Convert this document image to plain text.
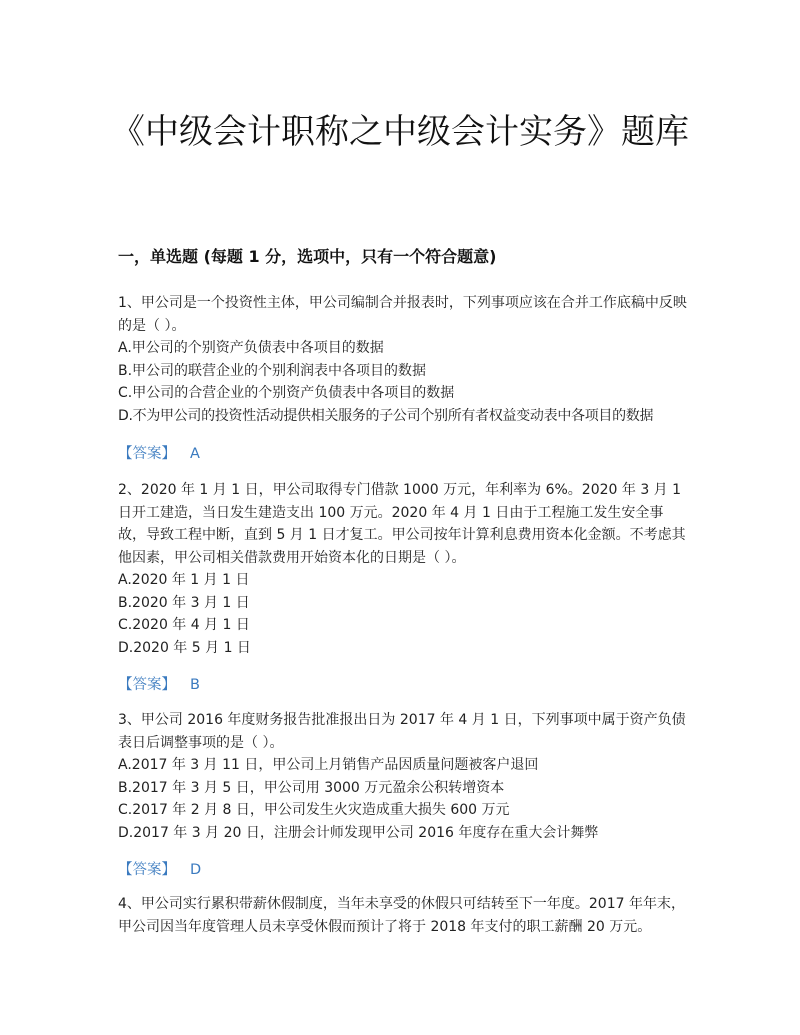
《中级会计职称之中级会计实务》题库
一，单选题 (每题 1 分，选项中，只有一个符合题意)
1、甲公司是一个投资性主体，甲公司编制合并报表时，下列事项应该在合并工作底稿中反映的是（ ）。
A.甲公司的个别资产负债表中各项目的数据
B.甲公司的联营企业的个别利润表中各项目的数据
C.甲公司的合营企业的个别资产负债表中各项目的数据
D.不为甲公司的投资性活动提供相关服务的子公司个别所有者权益变动表中各项目的数据
【答案】 A
2、2020 年 1 月 1 日，甲公司取得专门借款 1000 万元，年利率为 6%。2020 年 3 月 1 日开工建造，当日发生建造支出 100 万元。2020 年 4 月 1 日由于工程施工发生安全事故，导致工程中断，直到 5 月 1 日才复工。甲公司按年计算利息费用资本化金额。不考虑其他因素，甲公司相关借款费用开始资本化的日期是（ ）。
A.2020 年 1 月 1 日
B.2020 年 3 月 1 日
C.2020 年 4 月 1 日
D.2020 年 5 月 1 日
【答案】 B
3、甲公司 2016 年度财务报告批准报出日为 2017 年 4 月 1 日，下列事项中属于资产负债表日后调整事项的是（ ）。
A.2017 年 3 月 11 日，甲公司上月销售产品因质量问题被客户退回
B.2017 年 3 月 5 日，甲公司用 3000 万元盈余公积转增资本
C.2017 年 2 月 8 日，甲公司发生火灾造成重大损失 600 万元
D.2017 年 3 月 20 日，注册会计师发现甲公司 2016 年度存在重大会计舞弊
【答案】 D
4、甲公司实行累积带薪休假制度，当年未享受的休假只可结转至下一年度。2017 年年末，甲公司因当年度管理人员未享受休假而预计了将于 2018 年支付的职工薪酬 20 万元。
